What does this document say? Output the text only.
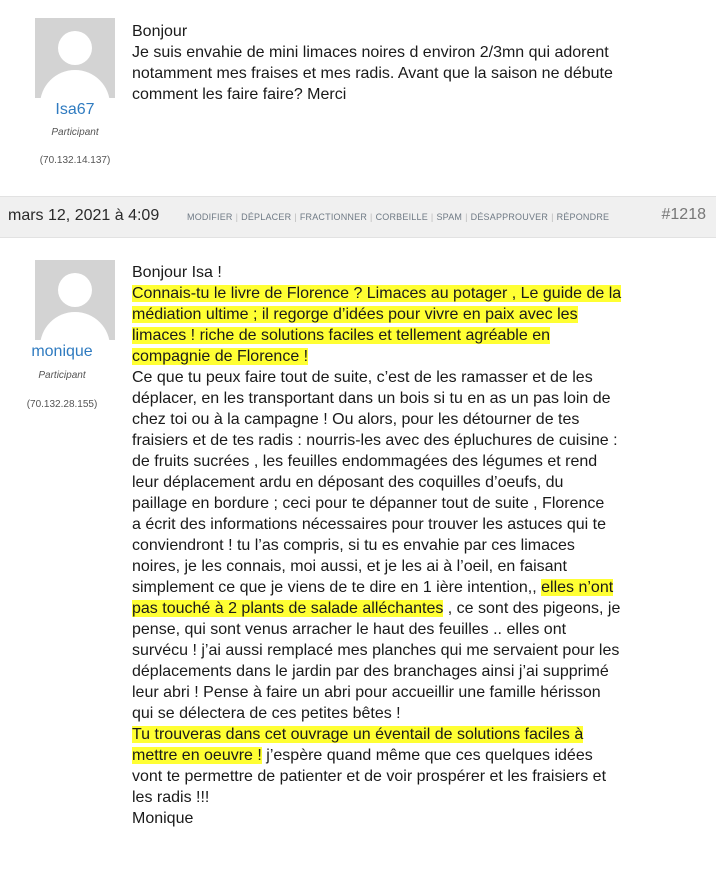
Isa67
Participant
(70.132.14.137)

Bonjour

Je suis envahie de mini limaces noires d environ 2/3mn qui adorent

notamment mes fraises et mes radis. Avant que la saison ne débute

comment les faire faire? Merci

mars 12, 2021 à 4:09	MODIFIER | DÉPLACER | FRACTIONNER | CORBEILLE | SPAM | DÉSAPPROUVER | RÉPONDRE	#1218
monique
Participant
(70.132.28.155)

Bonjour Isa !

Connais-tu le livre de Florence ? Limaces au potager , Le guide de la

médiation ultime ; il regorge d’idées pour vivre en paix avec les

limaces ! riche de solutions faciles et tellement agréable en

compagnie de Florence !

Ce que tu peux faire tout de suite, c’est de les ramasser et de les

déplacer, en les transportant dans un bois si tu en as un pas loin de

chez toi ou à la campagne ! Ou alors, pour les détourner de tes

fraisiers et de tes radis : nourris-les avec des épluchures de cuisine :

de fruits sucrées , les feuilles endommagées des légumes et rend

leur déplacement ardu en déposant des coquilles d’oeufs, du

paillage en bordure ; ceci pour te dépanner tout de suite , Florence

a écrit des informations nécessaires pour trouver les astuces qui te

conviendront ! tu l’as compris, si tu es envahie par ces limaces

noires, je les connais, moi aussi, et je les ai à l’oeil, en faisant

simplement ce que je viens de te dire en 1 ière intention,, elles n’ont

pas touché à 2 plants de salade alléchantes , ce sont des pigeons, je

pense, qui sont venus arracher le haut des feuilles .. elles ont

survécu ! j’ai aussi remplacé mes planches qui me servaient pour les

déplacements dans le jardin par des branchages ainsi j’ai supprimé

leur abri ! Pense à faire un abri pour accueillir une famille hérisson

qui se délectera de ces petites bêtes !

Tu trouveras dans cet ouvrage un éventail de solutions faciles à

mettre en oeuvre ! j’espère quand même que ces quelques idées

vont te permettre de patienter et de voir prospérer et les fraisiers et

les radis !!!

Monique
